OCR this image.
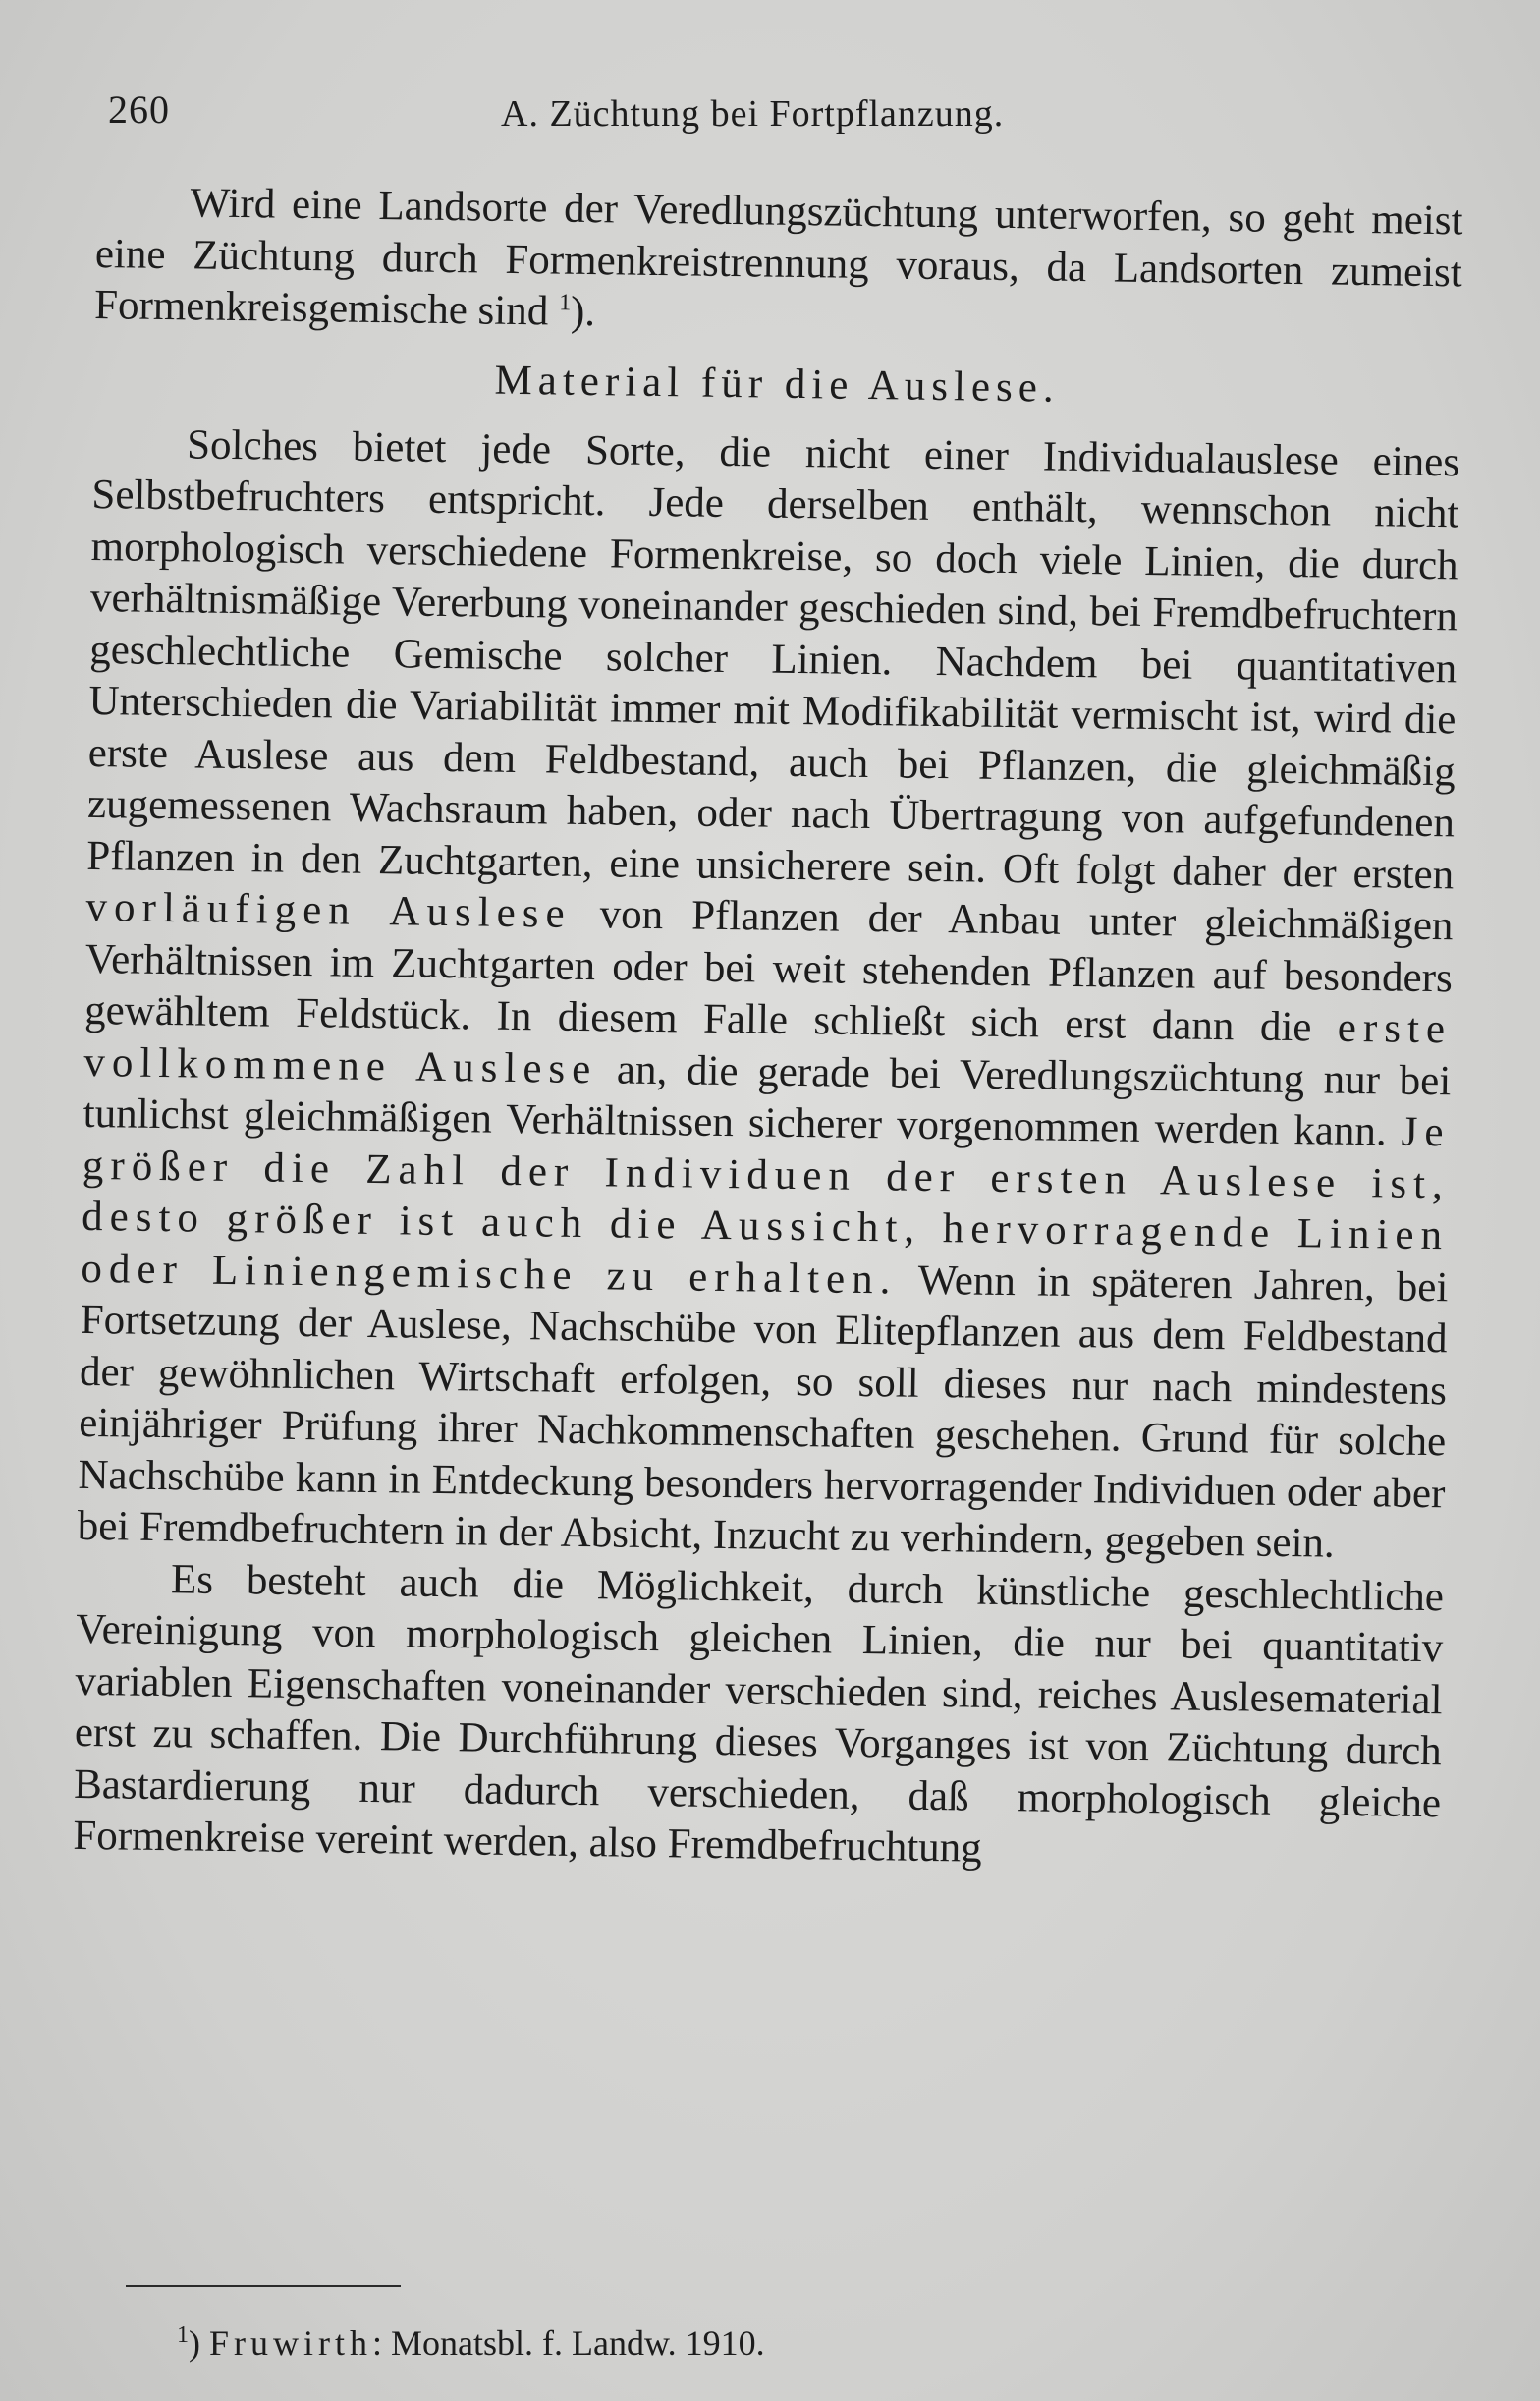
260	A. Züchtung bei Fortpflanzung.

Wird eine Landsorte der Veredlungszüchtung unterworfen, so geht meist eine Züchtung durch Formenkreistrennung voraus, da Landsorten zumeist Formenkreisgemische sind $^1$).

Material für die Auslese.

Solches bietet jede Sorte, die nicht einer Individualauslese eines Selbstbefruchters entspricht. Jede derselben enthält, wennschon nicht morphologisch verschiedene Formenkreise, so doch viele Linien, die durch verhältnismäßige Vererbung voneinander geschieden sind, bei Fremdbefruchtern geschlechtliche Gemische solcher Linien. Nachdem bei quantitativen Unterschieden die Variabilität immer mit Modifikabilität vermischt ist, wird die erste Auslese aus dem Feldbestand, auch bei Pflanzen, die gleichmäßig zugemessenen Wachsraum haben, oder nach Übertragung von aufgefundenen Pflanzen in den Zuchtgarten, eine unsicherere sein. Oft folgt daher der ersten vorläufigen Auslese von Pflanzen der Anbau unter gleichmäßigen Verhältnissen im Zuchtgarten oder bei weit stehenden Pflanzen auf besonders gewähltem Feldstück. In diesem Falle schließt sich erst dann die erste vollkommene Auslese an, die gerade bei Veredlungszüchtung nur bei tunlichst gleichmäßigen Verhältnissen sicherer vorgenommen werden kann. Je größer die Zahl der Individuen der ersten Auslese ist, desto größer ist auch die Aussicht, hervorragende Linien oder Liniengemische zu erhalten. Wenn in späteren Jahren, bei Fortsetzung der Auslese, Nachschübe von Elitepflanzen aus dem Feldbestand der gewöhnlichen Wirtschaft erfolgen, so soll dieses nur nach mindestens einjähriger Prüfung ihrer Nachkommenschaften geschehen. Grund für solche Nachschübe kann in Entdeckung besonders hervorragender Individuen oder aber bei Fremdbefruchtern in der Absicht, Inzucht zu verhindern, gegeben sein.

Es besteht auch die Möglichkeit, durch künstliche geschlechtliche Vereinigung von morphologisch gleichen Linien, die nur bei quantitativ variablen Eigenschaften voneinander verschieden sind, reiches Auslesematerial erst zu schaffen. Die Durchführung dieses Vorganges ist von Züchtung durch Bastardierung nur dadurch verschieden, daß morphologisch gleiche Formenkreise vereint werden, also Fremdbefruchtung

$^1$) Fruwirth: Monatsbl. f. Landw. 1910.
